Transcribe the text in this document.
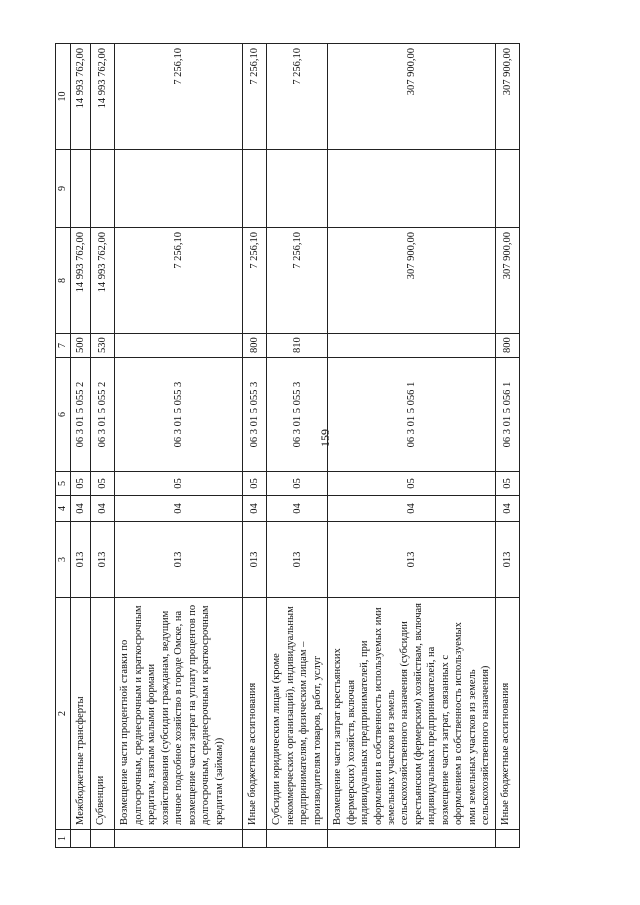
159
1	2	3	4	5	6	7	8	9	10
	Межбюджетные трансферты	013	04	05	06 3 01 5 055 2	500	14 993 762,00		14 993 762,00
	Субвенции	013	04	05	06 3 01 5 055 2	530	14 993 762,00		14 993 762,00
	Возмещение части процентной ставки по долгосрочным, среднесрочным и краткосрочным кредитам, взятым малыми формами хозяйствования (субсидии гражданам, ведущим личное подсобное хозяйство в городе Омске, на возмещение части затрат на уплату процентов по долгосрочным, среднесрочным и краткосрочным кредитам (займам))	013	04	05	06 3 01 5 055 3		7 256,10		7 256,10
	Иные бюджетные ассигнования	013	04	05	06 3 01 5 055 3	800	7 256,10		7 256,10
	Субсидии юридическим лицам (кроме некоммерческих организаций), индивидуальным предпринимателям, физическим лицам – производителям товаров, работ, услуг	013	04	05	06 3 01 5 055 3	810	7 256,10		7 256,10
	Возмещение части затрат крестьянских (фермерских) хозяйств, включая индивидуальных предпринимателей, при оформлении в собственность используемых ими земельных участков из земель сельскохозяйственного назначения (субсидии крестьянским (фермерским) хозяйствам, включая индивидуальных предпринимателей, на возмещение части затрат, связанных с оформлением в собственность используемых ими земельных участков из земель сельскохозяйственного назначения)	013	04	05	06 3 01 5 056 1		307 900,00		307 900,00
	Иные бюджетные ассигнования	013	04	05	06 3 01 5 056 1	800	307 900,00		307 900,00
